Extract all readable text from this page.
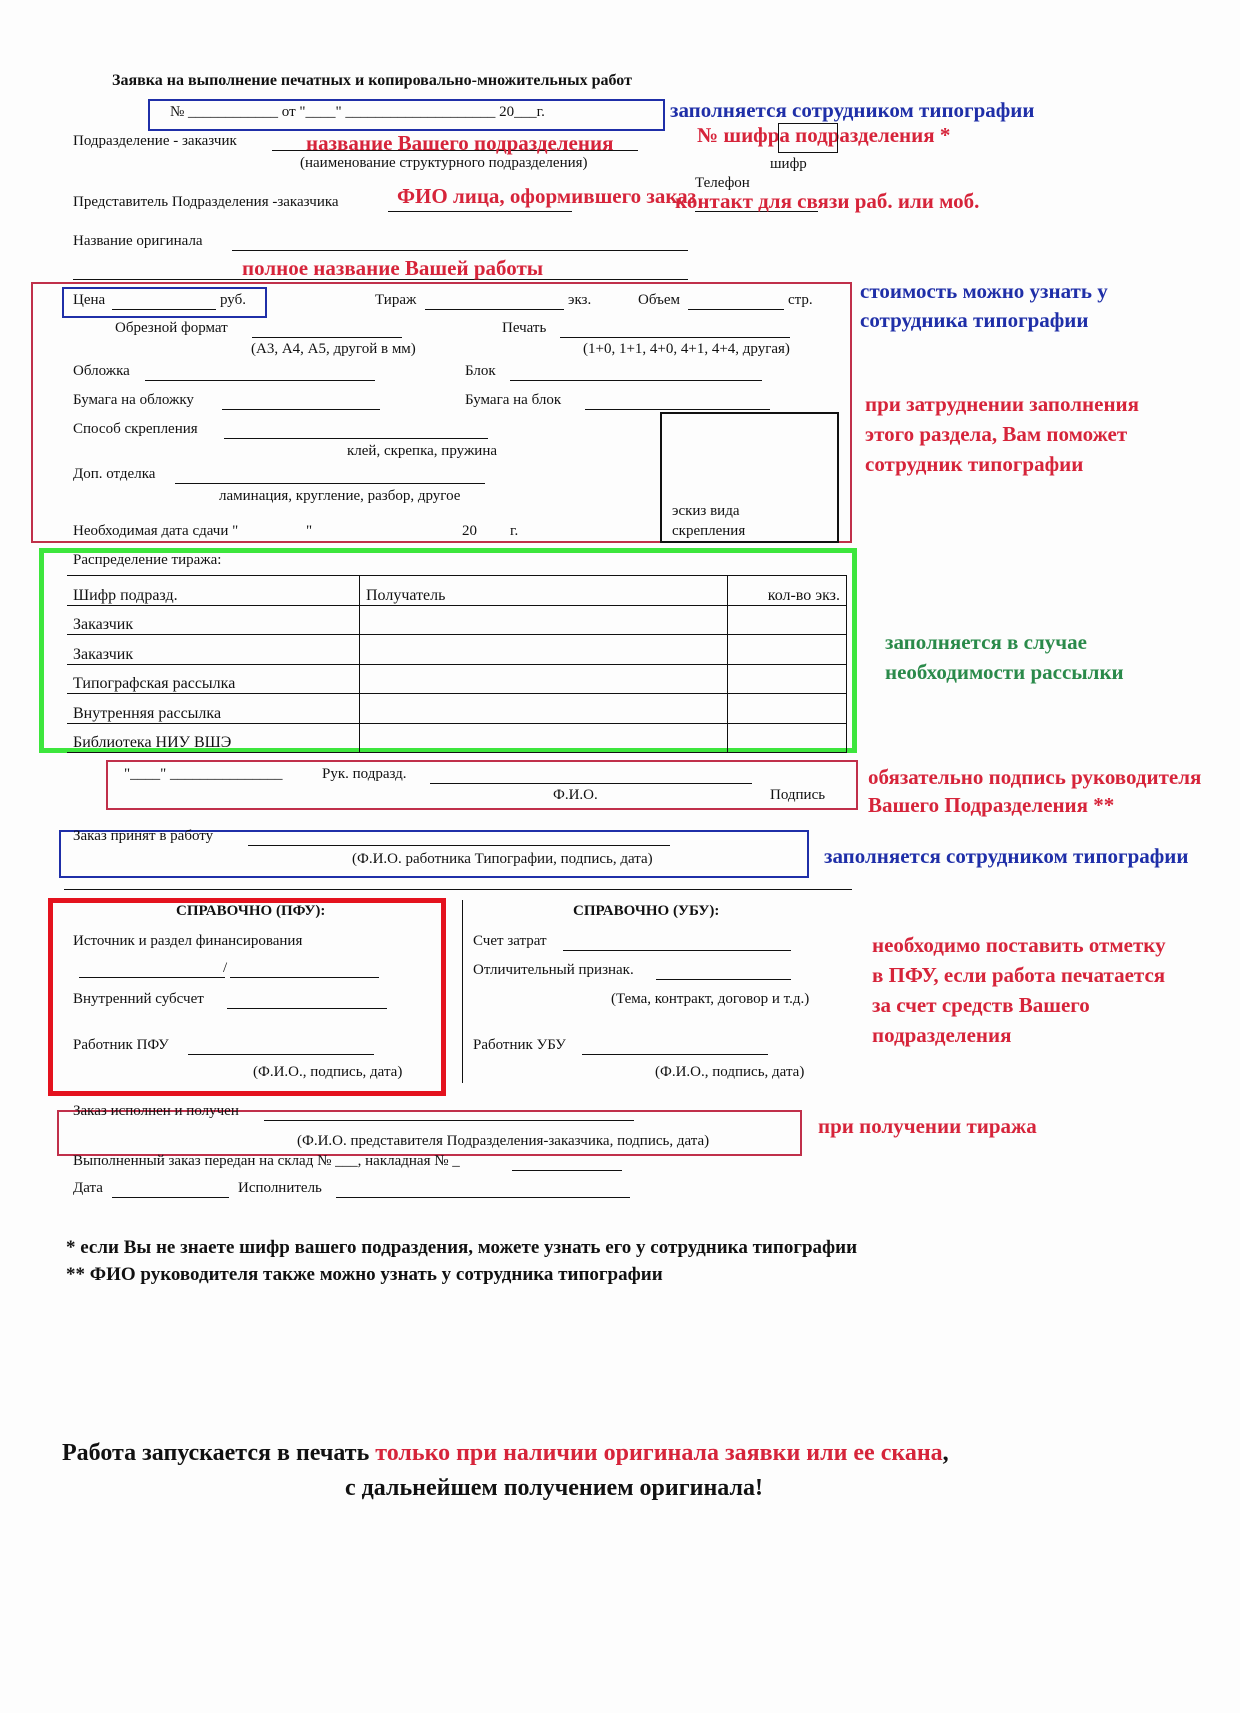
Заявка на выполнение печатных и копировально-множительных работ
№ ____________ от "____" ____________________ 20___г.	заполняется сотрудником типографии
Подразделение - заказчик	название Вашего подразделения
(наименование структурного подразделения)
№ шифра подразделения *
шифр
Телефон
Представитель Подразделения -заказчика	ФИО лица, оформившего заказ
контакт для связи раб. или моб.
Название оригинала
полное название Вашей работы
Цена	руб.	Тираж	экз.	Объем	стр.
Обрезной формат
(А3, А4, А5, другой в мм)
Печать
(1+0, 1+1, 4+0, 4+1, 4+4, другая)
Обложка	Блок
Бумага на обложку	Бумага на блок
Способ скрепления
клей, скрепка, пружина
Доп. отделка
ламинация, кругление, разбор, другое
эскиз вида
скрепления
Необходимая дата сдачи "	"	20 г.
стоимость можно узнать у
сотрудника типографии
при затруднении заполнения
этого раздела, Вам поможет
сотрудник типографии
Распределение тиража:
Шифр подразд.	Получатель	кол-во экз.
Заказчик		
Заказчик		
Типографская рассылка		
Внутренняя рассылка		
Библиотека НИУ ВШЭ		
заполняется в случае
необходимости рассылки
"____" _______________	Рук. подразд.
Ф.И.О.	Подпись
обязательно подпись руководителя
Вашего Подразделения **
Заказ принят в работу
(Ф.И.О. работника Типографии, подпись, дата)	заполняется сотрудником типографии
СПРАВОЧНО (ПФУ):
Источник и раздел финансирования
/
Внутренний субсчет
Работник ПФУ
(Ф.И.О., подпись, дата)
СПРАВОЧНО (УБУ):
Счет затрат
Отличительный признак.
(Тема, контракт, договор и т.д.)
Работник УБУ
(Ф.И.О., подпись, дата)
необходимо поставить отметку
в ПФУ, если работа печатается
за счет средств Вашего
подразделения
Заказ исполнен и получен
(Ф.И.О. представителя Подразделения-заказчика, подпись, дата)
при получении тиража
Выполненный заказ передан на склад № ___, накладная № _
Дата	Исполнитель
* если Вы не знаете шифр вашего подраздения, можете узнать его у сотрудника типографии
** ФИО руководителя также можно узнать у сотрудника типографии
Работа запускается в печать только при наличии оригинала заявки или ее скана,
с дальнейшем получением оригинала!
